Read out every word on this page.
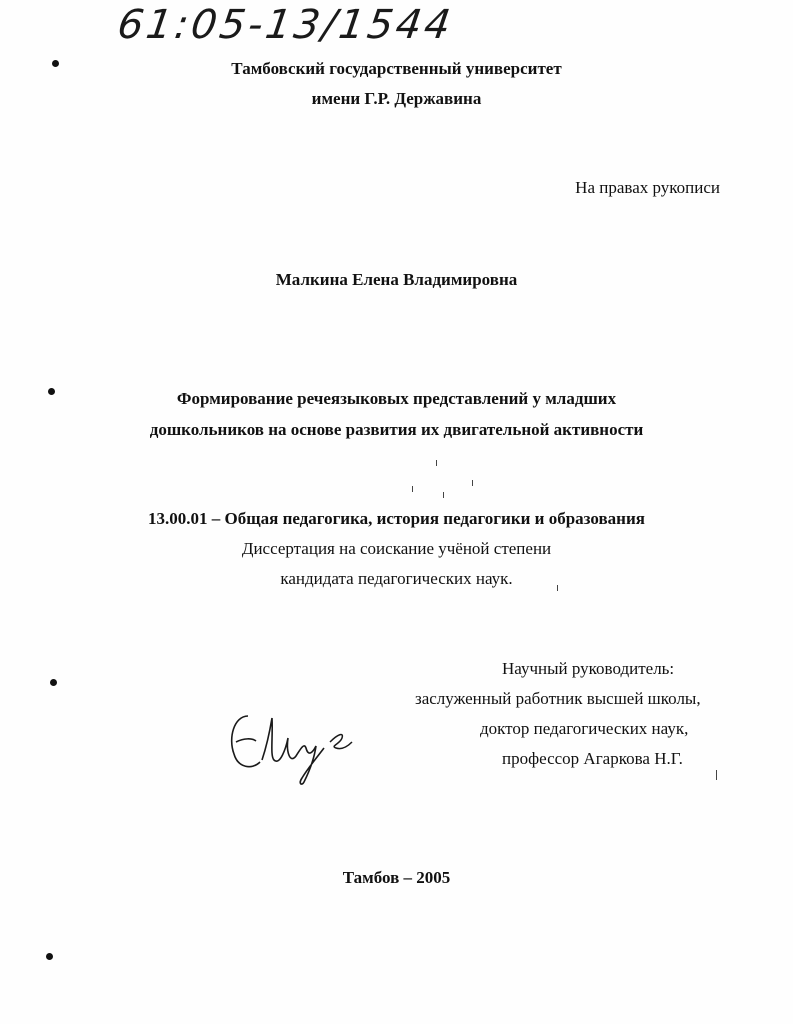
61:05-13/1544
Тамбовский государственный университет
имени Г.Р. Державина
На правах рукописи
Малкина Елена Владимировна
Формирование речеязыковых представлений у младших
дошкольников на основе развития их двигательной активности
13.00.01 – Общая педагогика, история педагогики и образования
Диссертация на соискание учёной степени
кандидата педагогических наук.
Научный руководитель:
заслуженный работник высшей школы,
доктор педагогических наук,
профессор Агаркова Н.Г.
Тамбов – 2005
